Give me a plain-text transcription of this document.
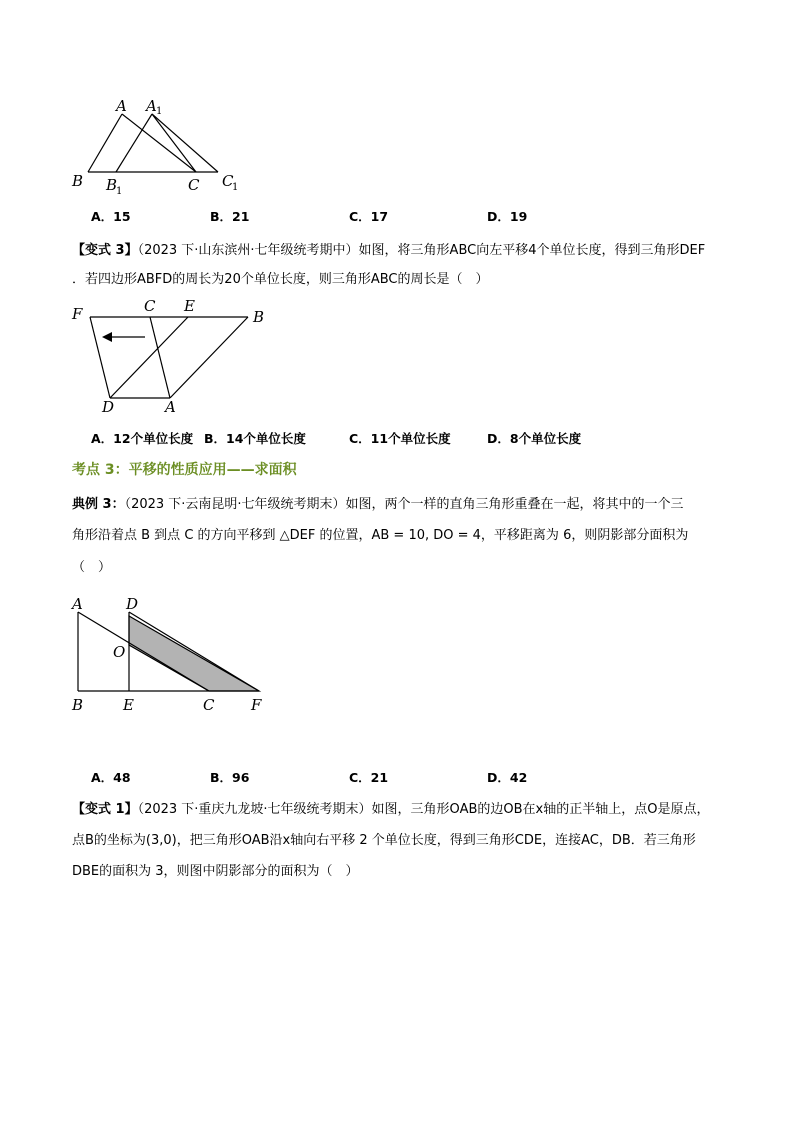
A A 1
B B
1	C C
1
A．15	B．21	C．17	D．19
【变式 3】（2023 下·山东滨州·七年级统考期中）如图，将三角形ABC向左平移4个单位长度，得到三角形DEF
．若四边形ABFD的周长为20个单位长度，则三角形ABC的周长是（　）
F	C E
B
D	A
A．12个单位长度 B．14个单位长度	C．11个单位长度	D．8个单位长度
考点 3：平移的性质应用——求面积
典例 3：（2023 下·云南昆明·七年级统考期末）如图，两个一样的直角三角形重叠在一起，将其中的一个三
角形沿着点 B 到点 C 的方向平移到 △DEF 的位置，AB = 10, DO = 4，平移距离为 6，则阴影部分面积为
（　）
A	D
O
B	E	C F
A．48	B．96	C．21	D．42
【变式 1】（2023 下·重庆九龙坡·七年级统考期末）如图，三角形OAB的边OB在x轴的正半轴上，点O是原点，
点B的坐标为(3,0)，把三角形OAB沿x轴向右平移 2 个单位长度，得到三角形CDE，连接AC，DB．若三角形
DBE的面积为 3，则图中阴影部分的面积为（　）
